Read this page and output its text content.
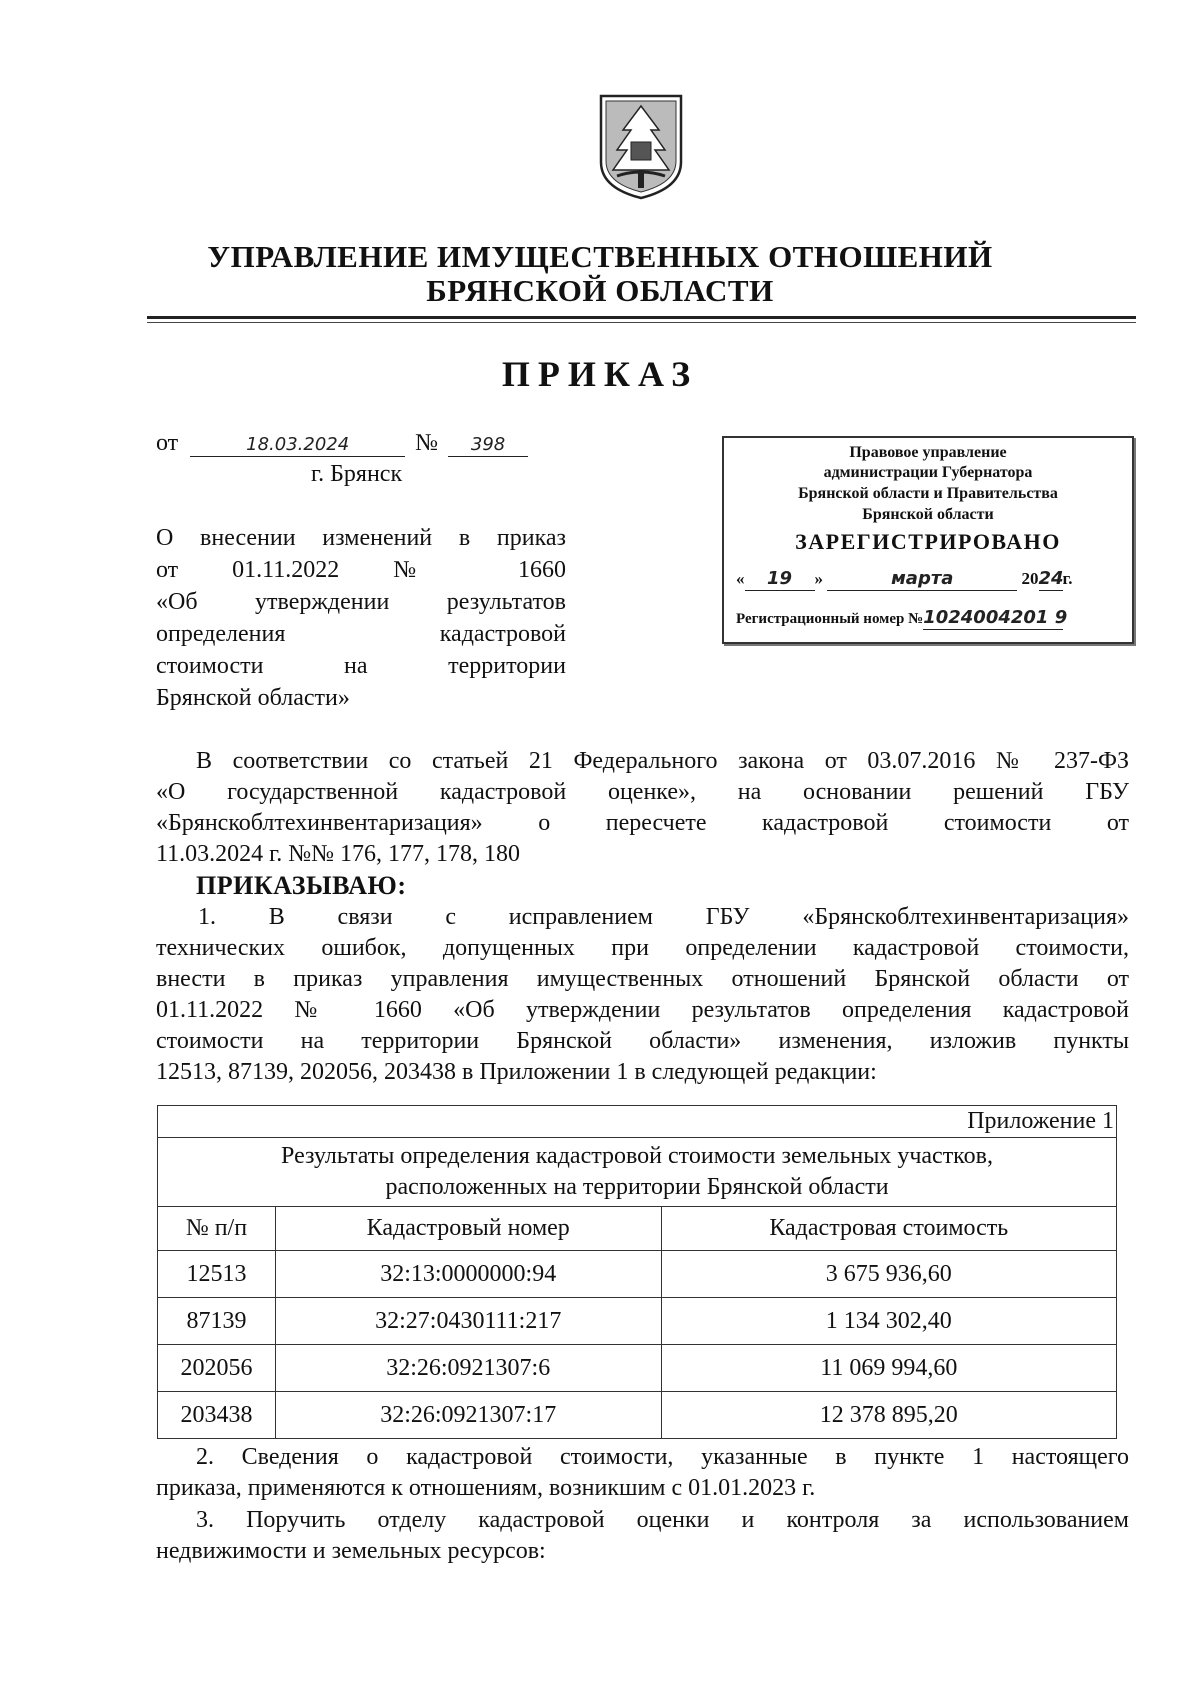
УПРАВЛЕНИЕ ИМУЩЕСТВЕННЫХ ОТНОШЕНИЙ
БРЯНСКОЙ ОБЛАСТИ
ПРИКАЗ
от	18.03.2024	№ 398
г. Брянск
О внесении изменений в приказ
от 01.11.2022 № 1660
«Об утверждении результатов
определения кадастровой
стоимости на территории
Брянской области»
Правовое управление
администрации Губернатора
Брянской области и Правительства
Брянской области
ЗАРЕГИСТРИРОВАНО
« 19 »	марта	2024г.
Регистрационный номер №1024004201 9
В соответствии со статьей 21 Федерального закона от 03.07.2016 № 237-ФЗ
«О государственной кадастровой оценке», на основании решений ГБУ
«Брянскоблтехинвентаризация» о пересчете кадастровой стоимости от
11.03.2024 г. №№ 176, 177, 178, 180
ПРИКАЗЫВАЮ:
1. В связи с исправлением ГБУ «Брянскоблтехинвентаризация»
технических ошибок, допущенных при определении кадастровой стоимости,
внести в приказ управления имущественных отношений Брянской области от
01.11.2022 № 1660 «Об утверждении результатов определения кадастровой
стоимости на территории Брянской области» изменения, изложив пункты
12513, 87139, 202056, 203438 в Приложении 1 в следующей редакции:
Приложение 1		

Результаты определения кадастровой стоимости земельных участков,
расположенных на территории Брянской области		

№ п/п	Кадастровый номер	Кадастровая стоимость
12513	32:13:0000000:94	3 675 936,60
87139	32:27:0430111:217	1 134 302,40
202056	32:26:0921307:6	11 069 994,60
203438	32:26:0921307:17	12 378 895,20
2. Сведения о кадастровой стоимости, указанные в пункте 1 настоящего
приказа, применяются к отношениям, возникшим с 01.01.2023 г.
3. Поручить отделу кадастровой оценки и контроля за использованием
недвижимости и земельных ресурсов:
